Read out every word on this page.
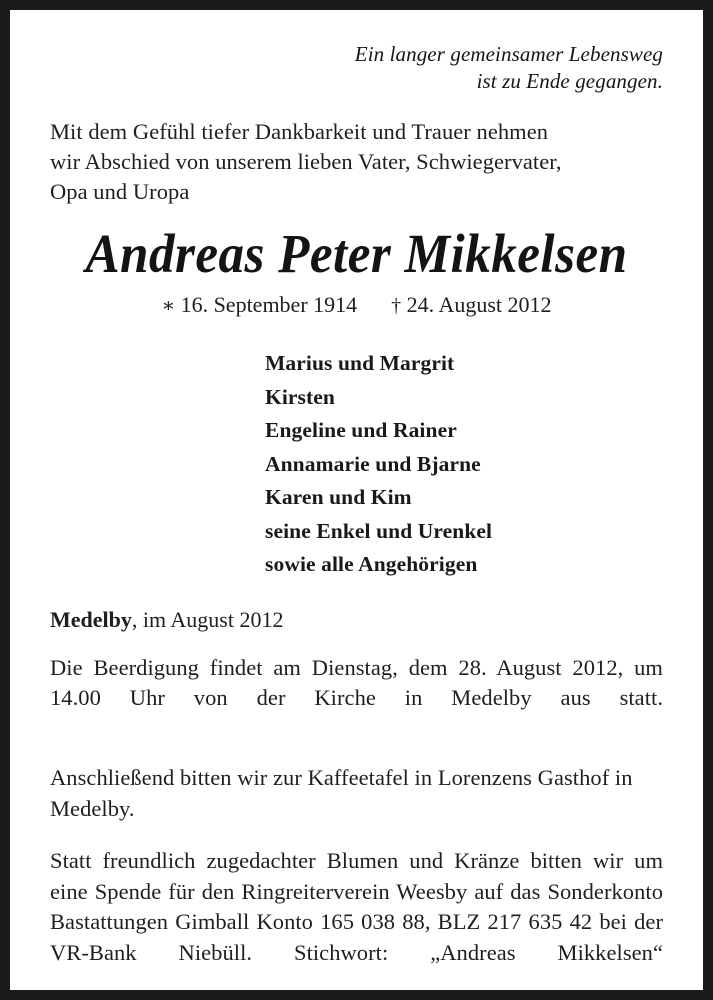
Ein langer gemeinsamer Lebensweg
ist zu Ende gegangen.
Mit dem Gefühl tiefer Dankbarkeit und Trauer nehmen
wir Abschied von unserem lieben Vater, Schwiegervater,
Opa und Uropa
Andreas Peter Mikkelsen
∗ 16. September 1914 † 24. August 2012
Marius und Margrit
Kirsten
Engeline und Rainer
Annamarie und Bjarne
Karen und Kim
seine Enkel und Urenkel
sowie alle Angehörigen
Medelby, im August 2012
Die Beerdigung findet am Dienstag, dem 28. August 2012, um 14.00 Uhr von der Kirche in Medelby aus statt.
Anschließend bitten wir zur Kaffeetafel in Lorenzens Gasthof in Medelby.
Statt freundlich zugedachter Blumen und Kränze bitten wir um eine Spende für den Ringreiterverein Weesby auf das Sonderkonto Bastattungen Gimball Konto 165 038 88, BLZ 217 635 42 bei der VR-Bank Niebüll. Stichwort: „Andreas Mikkelsen“
